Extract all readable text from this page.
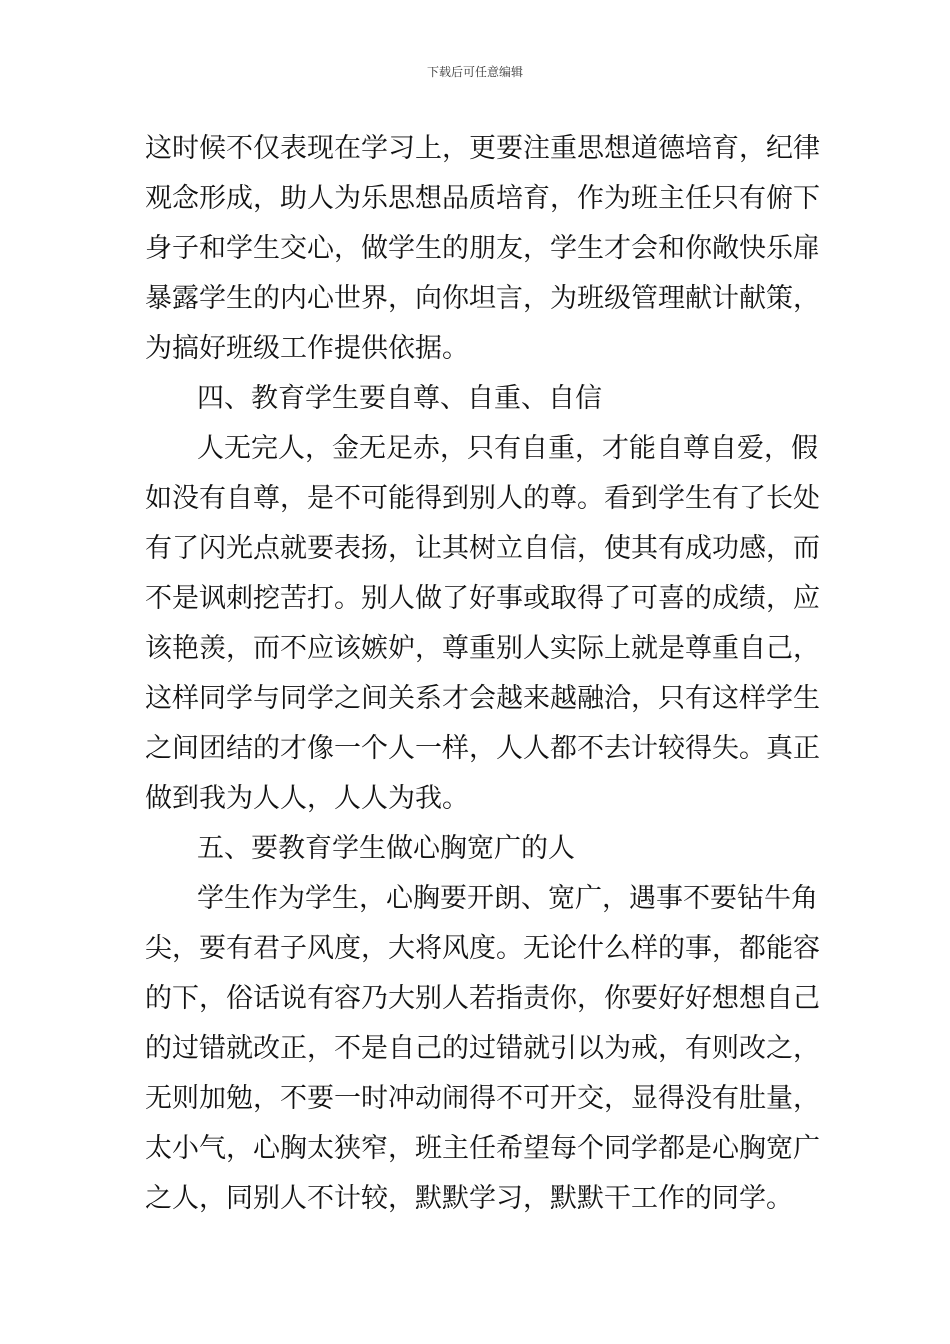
下载后可任意编辑
这时候不仅表现在学习上，更要注重思想道德培育，纪律
观念形成，助人为乐思想品质培育，作为班主任只有俯下
身子和学生交心，做学生的朋友，学生才会和你敞快乐扉
暴露学生的内心世界，向你坦言，为班级管理献计献策，
为搞好班级工作提供依据。
四、教育学生要自尊、自重、自信
人无完人，金无足赤，只有自重，才能自尊自爱，假
如没有自尊，是不可能得到别人的尊。看到学生有了长处
有了闪光点就要表扬，让其树立自信，使其有成功感，而
不是讽刺挖苦打。别人做了好事或取得了可喜的成绩，应
该艳羡，而不应该嫉妒，尊重别人实际上就是尊重自己，
这样同学与同学之间关系才会越来越融洽，只有这样学生
之间团结的才像一个人一样，人人都不去计较得失。真正
做到我为人人，人人为我。
五、要教育学生做心胸宽广的人
学生作为学生，心胸要开朗、宽广，遇事不要钻牛角
尖，要有君子风度，大将风度。无论什么样的事，都能容
的下，俗话说有容乃大别人若指责你，你要好好想想自己
的过错就改正，不是自己的过错就引以为戒，有则改之，
无则加勉，不要一时冲动闹得不可开交，显得没有肚量，
太小气，心胸太狭窄，班主任希望每个同学都是心胸宽广
之人，同别人不计较，默默学习，默默干工作的同学。
